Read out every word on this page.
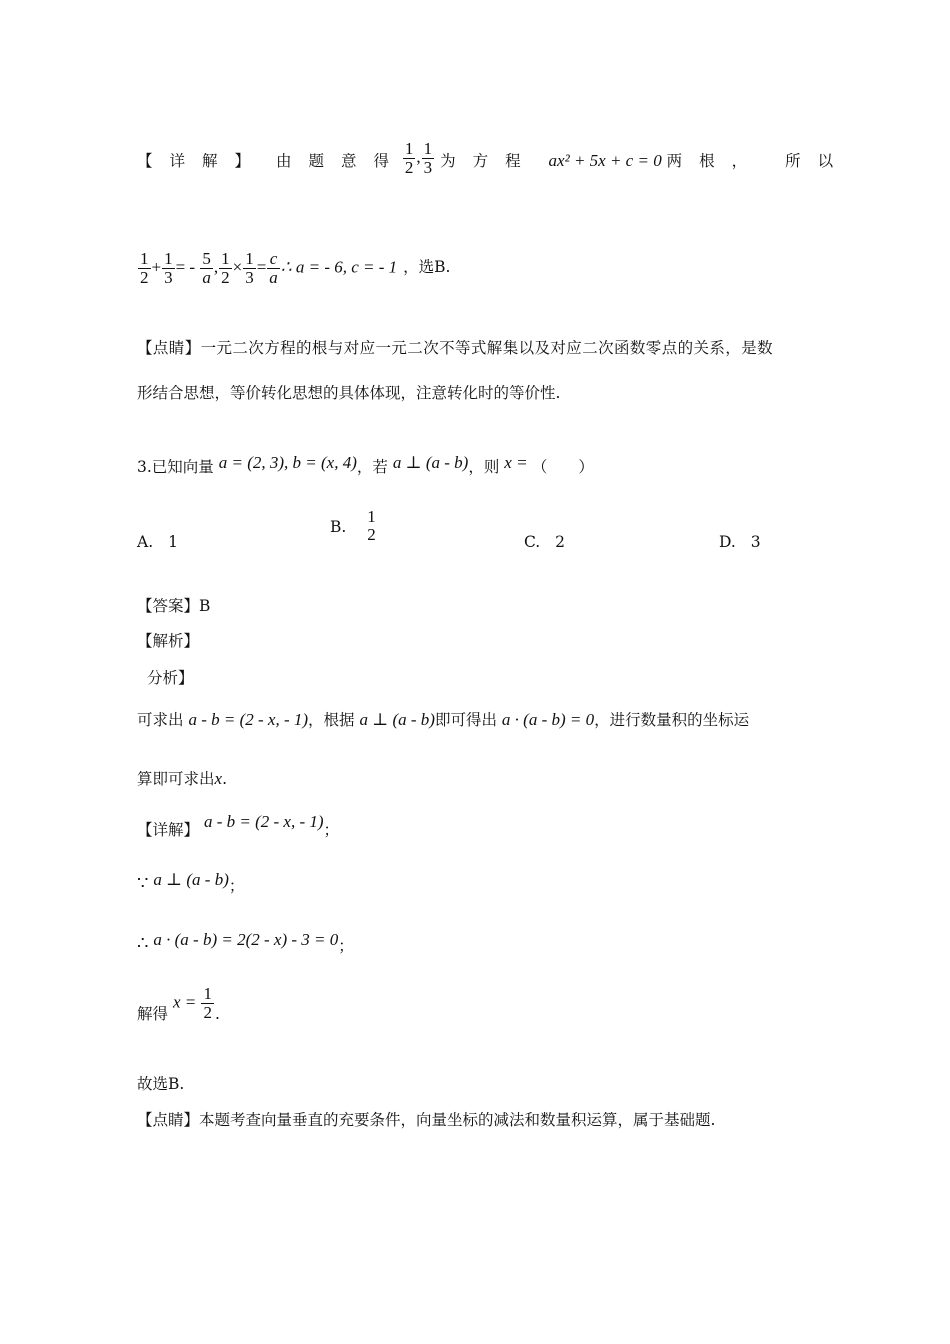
【详解】 由题意得
$\frac{1}{2}$ , $\frac{1}{3}$ 为方程 ax² + 5x + c = 0 两根， 所以
$\frac{1}{2} + \frac{1}{3}$ = - $\frac{5}{a}$ , $\frac{1}{2} \times \frac{1}{3} = \frac{c}{a}$ ∴ a = - 6, c = - 1 ，选B.
【点睛】一元二次方程的根与对应一元二次不等式解集以及对应二次函数零点的关系，是数
形结合思想，等价转化思想的具体体现，注意转化时的等价性.
3.已知向量 a = (2, 3), b = (x, 4)，若 a ⊥ (a - b)，则 x = （　　）
A. 1
B.
1
2	C. 2	D. 3
【答案】B
【解析】
分析】
可求出 a - b = (2 - x, - 1)，根据 a ⊥ (a - b)即可得出 a · (a - b) = 0，进行数量积的坐标运
算即可求出x.
【详解】 a - b = (2 - x, - 1)；
∵ a ⊥ (a - b)；
∴ a · (a - b) = 2(2 - x) - 3 = 0；
解得 $x = \frac{1}{2}$ .
故选B.
【点睛】本题考查向量垂直的充要条件，向量坐标的减法和数量积运算，属于基础题.
